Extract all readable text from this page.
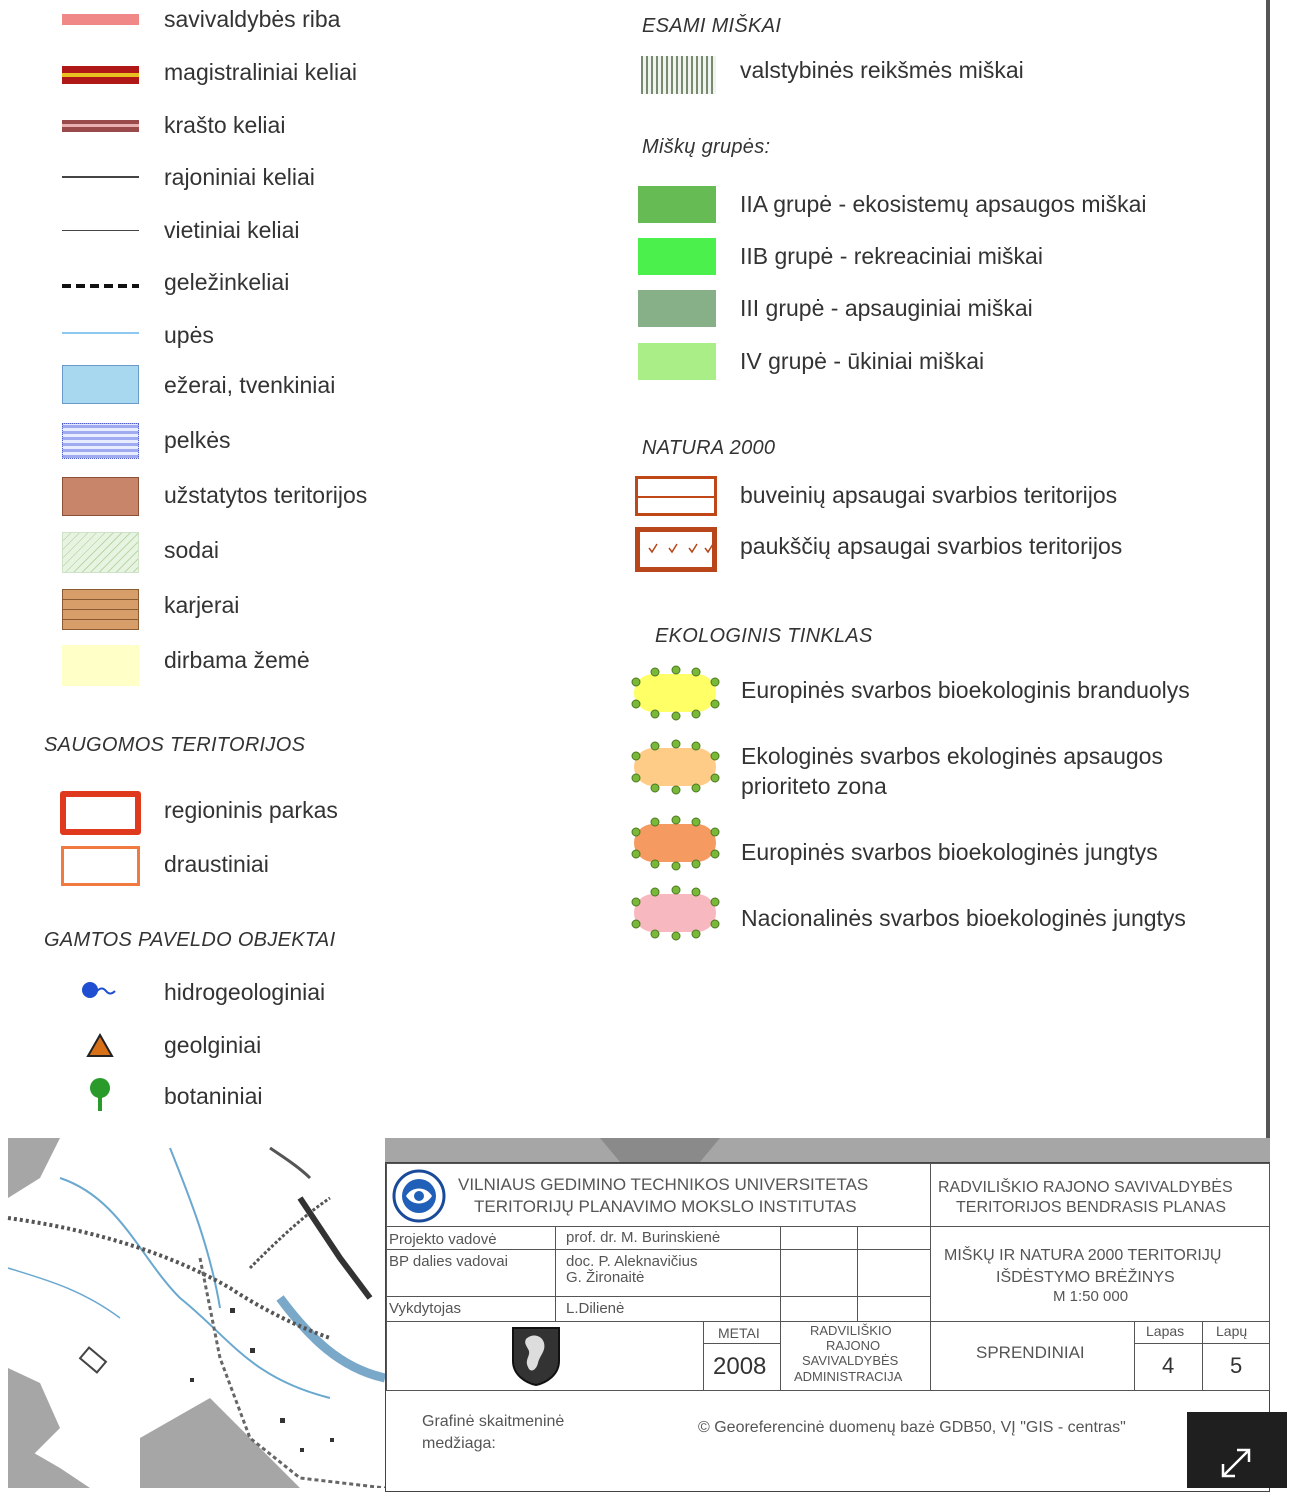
savivaldybės riba
magistraliniai keliai
krašto keliai
rajoniniai keliai
vietiniai keliai
geležinkeliai
upės
ežerai, tvenkiniai
pelkės
užstatytos teritorijos
sodai
karjerai
dirbama žemė
SAUGOMOS TERITORIJOS
regioninis parkas
draustiniai
GAMTOS PAVELDO OBJEKTAI
hidrogeologiniai
geolginiai
botaniniai
ESAMI MIŠKAI
valstybinės reikšmės miškai
Miškų grupės:
IIA grupė - ekosistemų apsaugos miškai
IIB grupė - rekreaciniai miškai
III grupė - apsauginiai miškai
IV grupė - ūkiniai miškai
NATURA 2000
buveinių apsaugai svarbios teritorijos
paukščių apsaugai svarbios teritorijos
EKOLOGINIS TINKLAS
Europinės svarbos bioekologinis branduolys
Ekologinės svarbos ekologinės apsaugos
prioriteto zona
Europinės svarbos bioekologinės jungtys
Nacionalinės svarbos bioekologinės jungtys
VILNIAUS GEDIMINO TECHNIKOS UNIVERSITETAS
TERITORIJŲ PLANAVIMO MOKSLO INSTITUTAS
RADVILIŠKIO RAJONO SAVIVALDYBĖS
TERITORIJOS BENDRASIS PLANAS
Projekto vadovė	prof. dr. M. Burinskienė
BP dalies vadovai	doc. P. Aleknavičius
G. Žironaitė
Vykdytojas	L.Dilienė
MIŠKŲ IR NATURA 2000 TERITORIJŲ
IŠDĖSTYMO BRĖŽINYS
M 1:50 000
METAI
2008
RADVILIŠKIO
RAJONO
SAVIVALDYBĖS
ADMINISTRACIJA
SPRENDINIAI
Lapas Lapų
4	5
Grafinė skaitmeninė
medžiaga:
© Georeferencinė duomenų bazė GDB50, VĮ "GIS - centras"
